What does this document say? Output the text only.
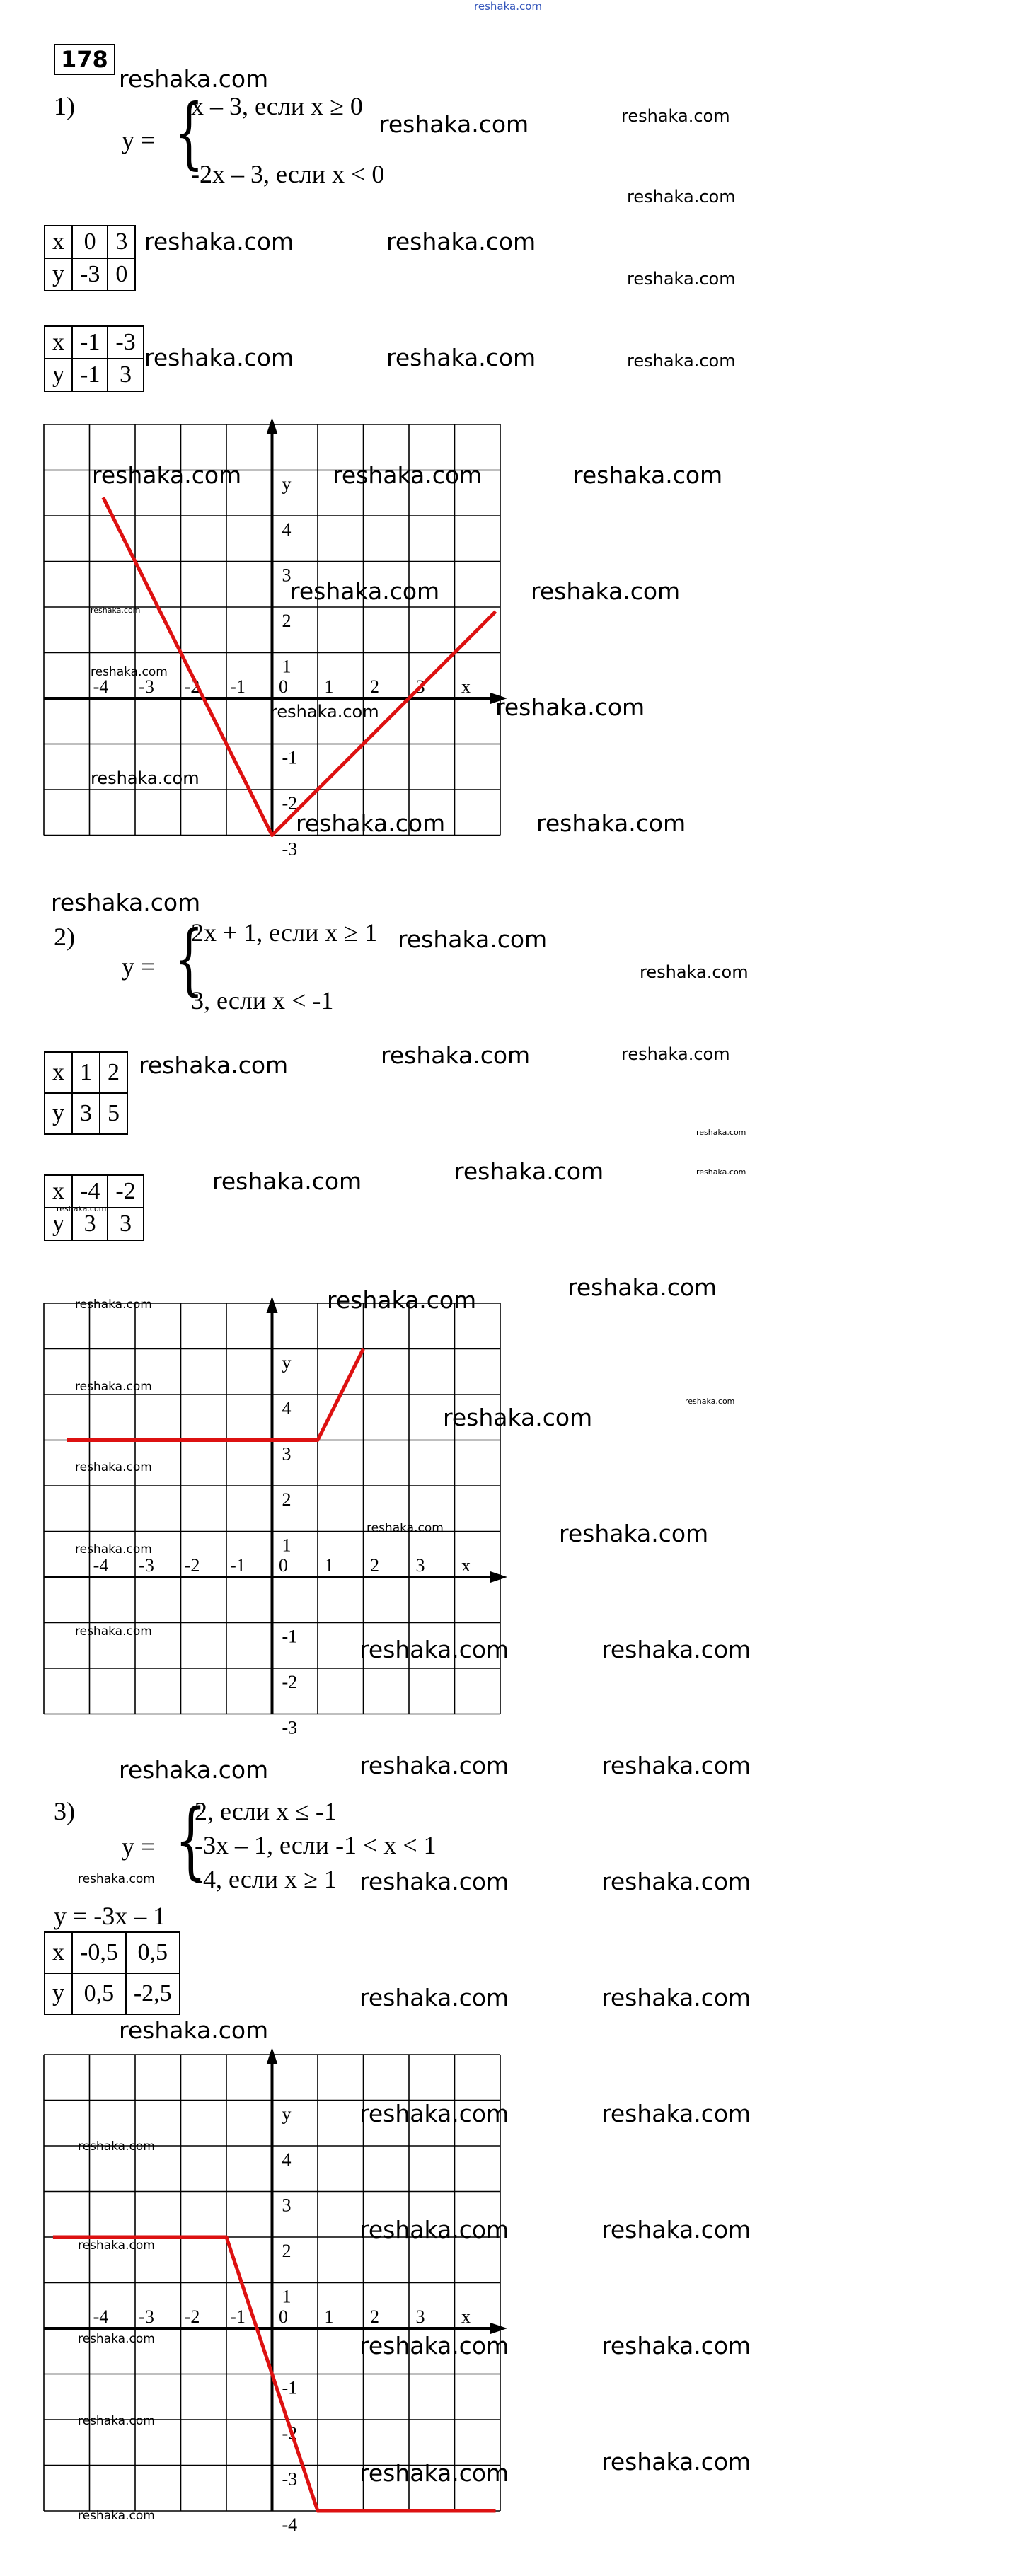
reshaka.com
178
1)
y = {
x – 3, если x ≥ 0
-2x – 3, если x < 0
x	0	3
y	-3	0
x	-1	-3
y	-1	3
-4 -3 -2 -1 0 1 2 3 x
4
3
2
1
-1
-2
-3
y
2)
y = {
2x + 1, если x ≥ 1
3, если x < -1
x	1	2
y	3	5
x	-4	-2
y	3	3
-4 -3 -2 -1 0 1 2 3 x
4
3
2
1
-1
-2
-3
y
3)
y = {
2, если x ≤ -1
-3x – 1, если -1 < x < 1
-4, если x ≥ 1
y = -3x – 1
x	-0,5	0,5
y	0,5	-2,5
-4 -3 -2 -1 0 1 2 3 x
4
3
2
1
-1
-2
-3
-4
y
reshaka.com
reshaka.com	reshaka.com
reshaka.com
reshaka.com	reshaka.com
reshaka.com
reshaka.com	reshaka.com	reshaka.com
reshaka.com	reshaka.com	reshaka.com
reshaka.com
reshaka.com	reshaka.com
reshaka.com
reshaka.com	reshaka.com
reshaka.com
reshaka.com	reshaka.com
reshaka.com
reshaka.com
reshaka.com
reshaka.com	reshaka.com	reshaka.com
reshaka.com
reshaka.com	reshaka.com	reshaka.com
reshaka.com
reshaka.com
reshaka.com	reshaka.com
reshaka.com
reshaka.com
reshaka.com
reshaka.com
reshaka.com	reshaka.com
reshaka.com
reshaka.com
reshaka.com	reshaka.com
reshaka.com	reshaka.com	reshaka.com
reshaka.com	reshaka.com	reshaka.com
reshaka.com	reshaka.com
reshaka.com
reshaka.com	reshaka.com
reshaka.com
reshaka.com	reshaka.com
reshaka.com
reshaka.com	reshaka.com	reshaka.com
reshaka.com
reshaka.com	reshaka.com
reshaka.com
